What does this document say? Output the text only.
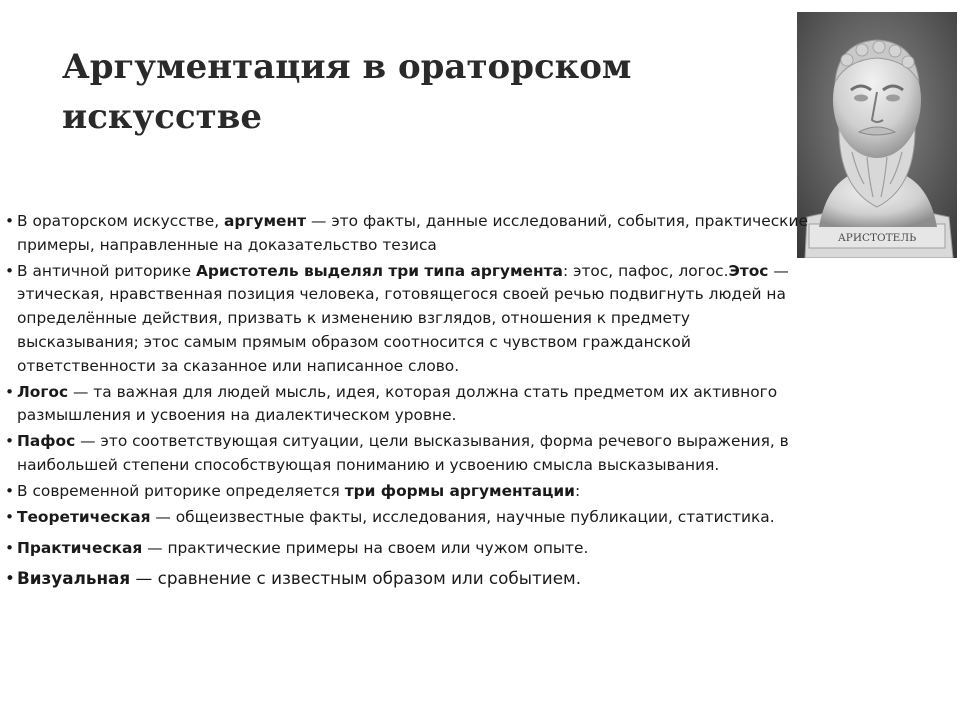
Аргументация в ораторском
искусстве
АРИСТОТЕЛЬ
• В ораторском искусстве, аргумент — это факты, данные исследований, события, практические примеры, направленные на доказательство тезиса
• В античной риторике Аристотель выделял три типа аргумента: этос, пафос, логос.Этос — этическая, нравственная позиция человека, готовящегося своей речью подвигнуть людей на определённые действия, призвать к изменению взглядов, отношения к предмету высказывания; этос самым прямым образом соотносится с чувством гражданской ответственности за сказанное или написанное слово.
• Логос — та важная для людей мысль, идея, которая должна стать предметом их активного размышления и усвоения на диалектическом уровне.
• Пафос — это соответствующая ситуации, цели высказывания, форма речевого выражения, в наибольшей степени способствующая пониманию и усвоению смысла высказывания.
• В современной риторике определяется три формы аргументации:
• Теоретическая — общеизвестные факты, исследования, научные публикации, статистика.
• Практическая — практические примеры на своем или чужом опыте.
• Визуальная — сравнение с известным образом или событием.
